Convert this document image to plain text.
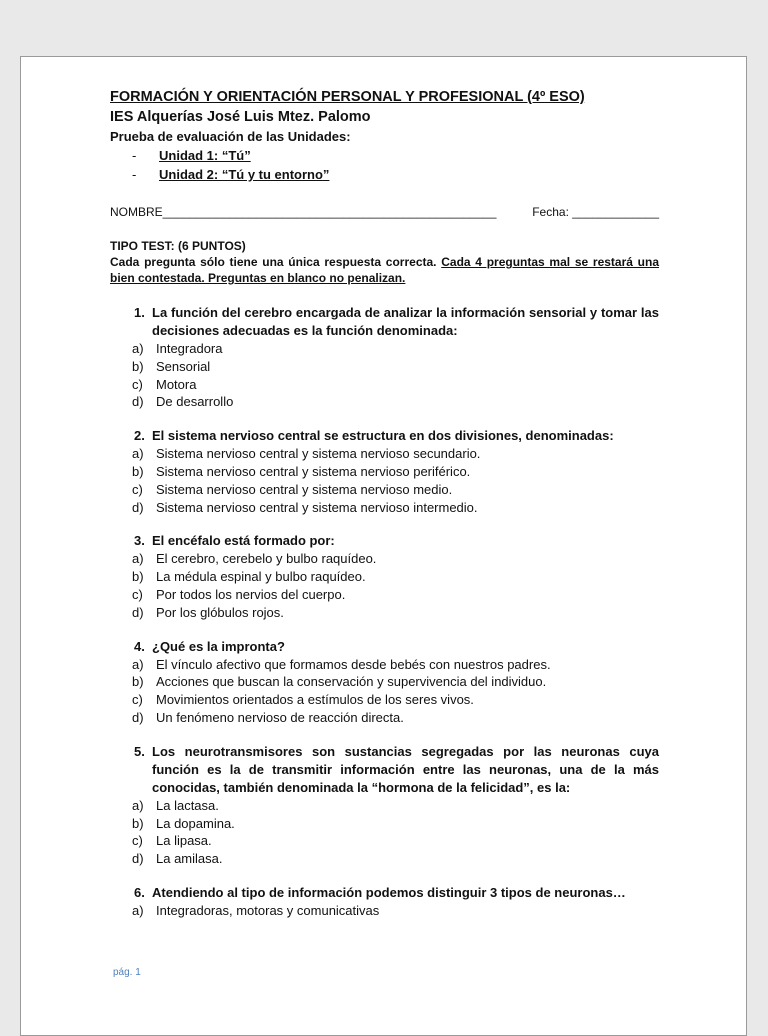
FORMACIÓN Y ORIENTACIÓN PERSONAL Y PROFESIONAL (4º ESO)
IES Alquerías José Luis Mtez. Palomo
Prueba de evaluación de las Unidades:
-	Unidad 1: “Tú”
-	Unidad 2: “Tú y tu entorno”
NOMBRE__________________________________________________	Fecha: _____________
TIPO TEST: (6 PUNTOS)
Cada pregunta sólo tiene una única respuesta correcta. Cada 4 preguntas mal se restará una bien contestada. Preguntas en blanco no penalizan.
1. La función del cerebro encargada de analizar la información sensorial y tomar las decisiones adecuadas es la función denominada:
a) Integradora
b) Sensorial
c)	Motora
d) De desarrollo
2. El sistema nervioso central se estructura en dos divisiones, denominadas:
a) Sistema nervioso central y sistema nervioso secundario.
b) Sistema nervioso central y sistema nervioso periférico.
c)	Sistema nervioso central y sistema nervioso medio.
d) Sistema nervioso central y sistema nervioso intermedio.
3. El encéfalo está formado por:
a) El cerebro, cerebelo y bulbo raquídeo.
b) La médula espinal y bulbo raquídeo.
c)	Por todos los nervios del cuerpo.
d) Por los glóbulos rojos.
4. ¿Qué es la impronta?
a) El vínculo afectivo que formamos desde bebés con nuestros padres.
b) Acciones que buscan la conservación y supervivencia del individuo.
c)	Movimientos orientados a estímulos de los seres vivos.
d) Un fenómeno nervioso de reacción directa.
5. Los neurotransmisores son sustancias segregadas por las neuronas cuya función es la de transmitir información entre las neuronas, una de la más conocidas, también denominada la “hormona de la felicidad”, es la:
a) La lactasa.
b) La dopamina.
c)	La lipasa.
d) La amilasa.
6. Atendiendo al tipo de información podemos distinguir 3 tipos de neuronas…
a) Integradoras, motoras y comunicativas
pág. 1
